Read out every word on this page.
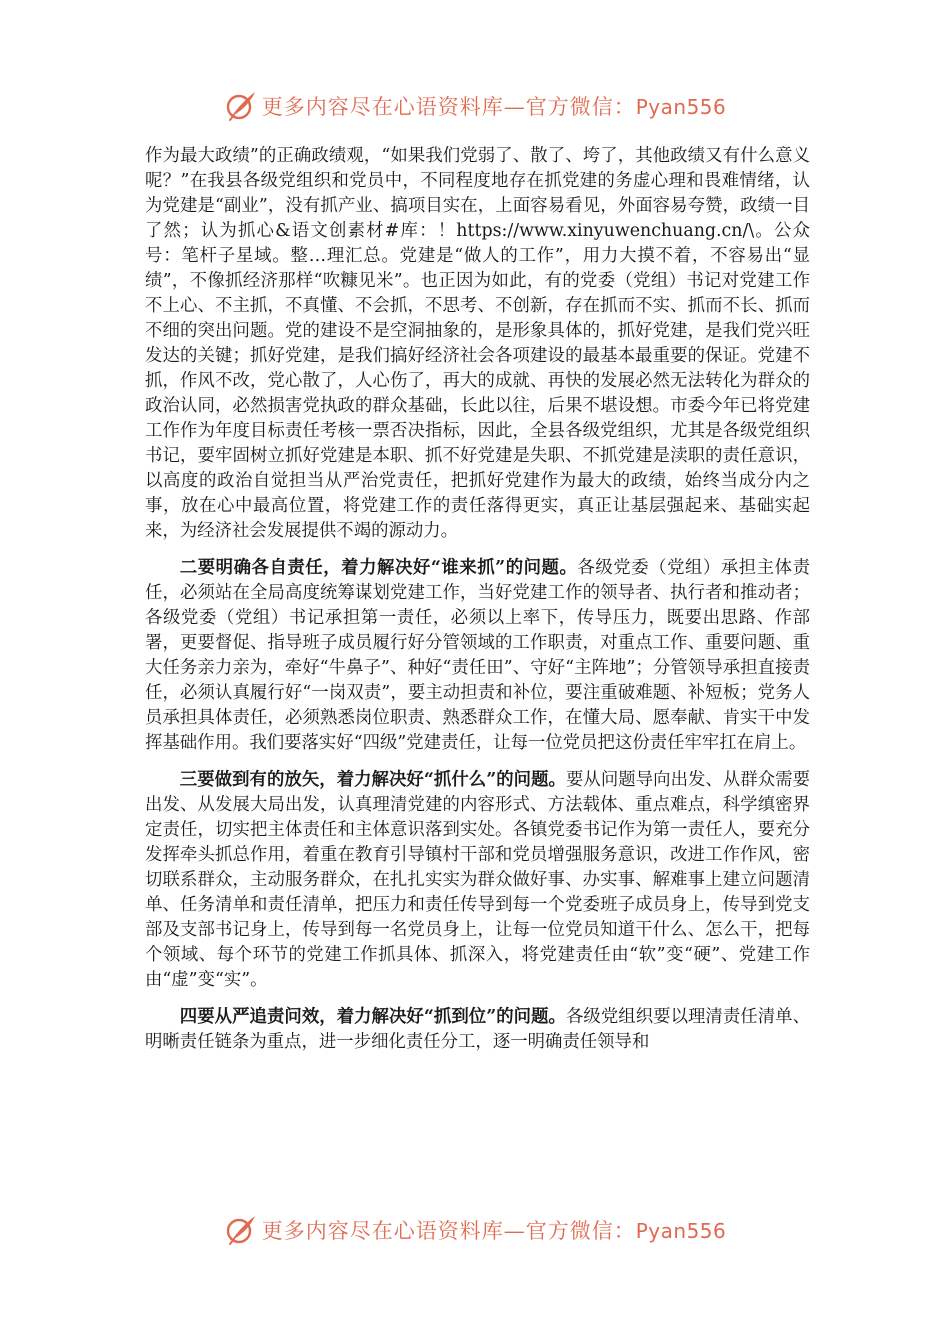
更多内容尽在心语资料库—官方微信：Pyan556

作为最大政绩”的正确政绩观，“如果我们党弱了、散了、垮了，其他政绩又有什么意义呢？”在我县各级党组织和党员中，不同程度地存在抓党建的务虚心理和畏难情绪，认为党建是“副业”，没有抓产业、搞项目实在，上面容易看见，外面容易夸赞，政绩一目了然；认为抓心&语文创素材#库：！https://www.xinyuwenchuang.cn/\。公众号：笔杆子星域。整…理汇总。党建是“做人的工作”，用力大摸不着，不容易出“显绩”，不像抓经济那样“吹糠见米”。也正因为如此，有的党委（党组）书记对党建工作不上心、不主抓，不真懂、不会抓，不思考、不创新，存在抓而不实、抓而不长、抓而不细的突出问题。党的建设不是空洞抽象的，是形象具体的，抓好党建，是我们党兴旺发达的关键；抓好党建，是我们搞好经济社会各项建设的最基本最重要的保证。党建不抓，作风不改，党心散了，人心伤了，再大的成就、再快的发展必然无法转化为群众的政治认同，必然损害党执政的群众基础，长此以往，后果不堪设想。市委今年已将党建工作作为年度目标责任考核一票否决指标，因此，全县各级党组织，尤其是各级党组织书记，要牢固树立抓好党建是本职、抓不好党建是失职、不抓党建是渎职的责任意识，以高度的政治自觉担当从严治党责任，把抓好党建作为最大的政绩，始终当成分内之事，放在心中最高位置，将党建工作的责任落得更实，真正让基层强起来、基础实起来，为经济社会发展提供不竭的源动力。

二要明确各自责任，着力解决好“谁来抓”的问题。各级党委（党组）承担主体责任，必须站在全局高度统筹谋划党建工作，当好党建工作的领导者、执行者和推动者；各级党委（党组）书记承担第一责任，必须以上率下，传导压力，既要出思路、作部署，更要督促、指导班子成员履行好分管领域的工作职责，对重点工作、重要问题、重大任务亲力亲为，牵好“牛鼻子”、种好“责任田”、守好“主阵地”；分管领导承担直接责任，必须认真履行好“一岗双责”，要主动担责和补位，要注重破难题、补短板；党务人员承担具体责任，必须熟悉岗位职责、熟悉群众工作，在懂大局、愿奉献、肯实干中发挥基础作用。我们要落实好“四级”党建责任，让每一位党员把这份责任牢牢扛在肩上。

三要做到有的放矢，着力解决好“抓什么”的问题。要从问题导向出发、从群众需要出发、从发展大局出发，认真理清党建的内容形式、方法载体、重点难点，科学缜密界定责任，切实把主体责任和主体意识落到实处。各镇党委书记作为第一责任人，要充分发挥牵头抓总作用，着重在教育引导镇村干部和党员增强服务意识，改进工作作风，密切联系群众，主动服务群众，在扎扎实实为群众做好事、办实事、解难事上建立问题清单、任务清单和责任清单，把压力和责任传导到每一个党委班子成员身上，传导到党支部及支部书记身上，传导到每一名党员身上，让每一位党员知道干什么、怎么干，把每个领域、每个环节的党建工作抓具体、抓深入，将党建责任由“软”变“硬”、党建工作由“虚”变“实”。

四要从严追责问效，着力解决好“抓到位”的问题。各级党组织要以理清责任清单、明晰责任链条为重点，进一步细化责任分工，逐一明确责任领导和

更多内容尽在心语资料库—官方微信：Pyan556
